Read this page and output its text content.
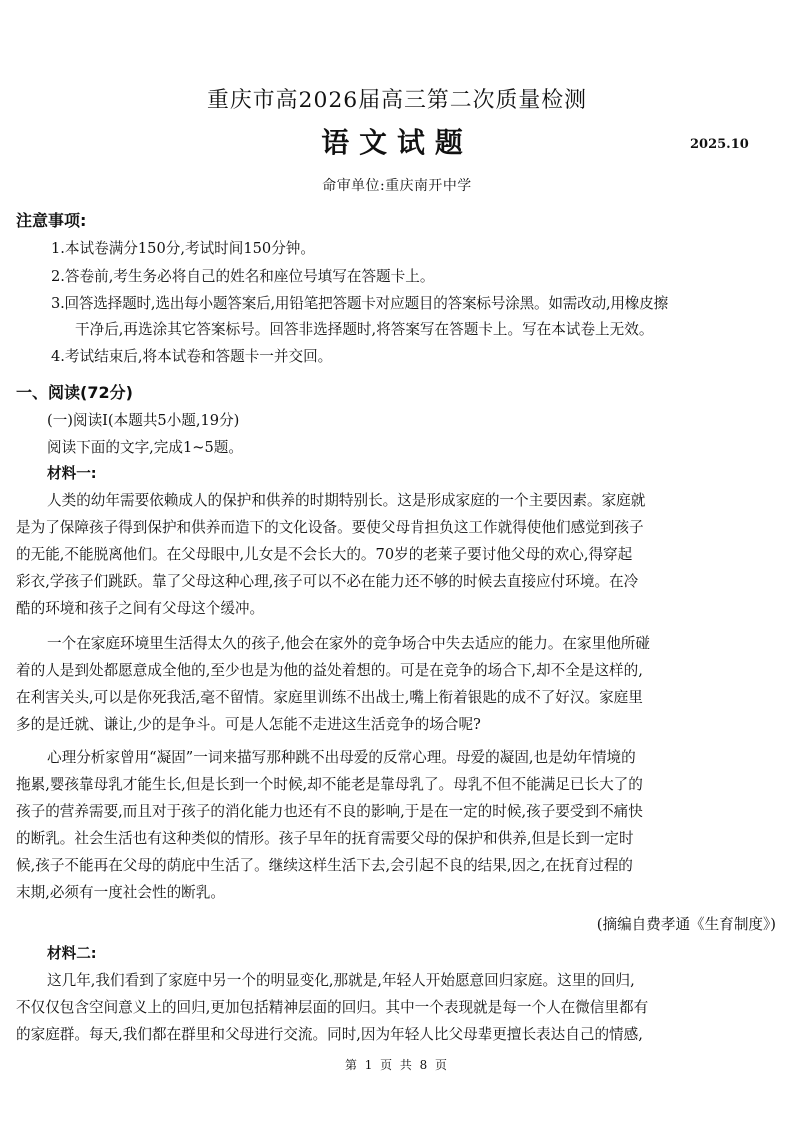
重庆市高2026届高三第二次质量检测
语文试题	2025.10
命审单位:重庆南开中学
注意事项:
1.本试卷满分150分,考试时间150分钟。
2.答卷前,考生务必将自己的姓名和座位号填写在答题卡上。
3.回答选择题时,选出每小题答案后,用铅笔把答题卡对应题目的答案标号涂黑。如需改动,用橡皮擦
干净后,再选涂其它答案标号。回答非选择题时,将答案写在答题卡上。写在本试卷上无效。
4.考试结束后,将本试卷和答题卡一并交回。
一、阅读(72分)
(一)阅读Ⅰ(本题共5小题,19分)
阅读下面的文字,完成1~5题。
材料一:
人类的幼年需要依赖成人的保护和供养的时期特别长。这是形成家庭的一个主要因素。家庭就
是为了保障孩子得到保护和供养而造下的文化设备。要使父母肯担负这工作就得使他们感觉到孩子
的无能,不能脱离他们。在父母眼中,儿女是不会长大的。70岁的老莱子要讨他父母的欢心,得穿起
彩衣,学孩子们跳跃。靠了父母这种心理,孩子可以不必在能力还不够的时候去直接应付环境。在冷
酷的环境和孩子之间有父母这个缓冲。
一个在家庭环境里生活得太久的孩子,他会在家外的竞争场合中失去适应的能力。在家里他所碰
着的人是到处都愿意成全他的,至少也是为他的益处着想的。可是在竞争的场合下,却不全是这样的,
在利害关头,可以是你死我活,毫不留情。家庭里训练不出战士,嘴上衔着银匙的成不了好汉。家庭里
多的是迁就、谦让,少的是争斗。可是人怎能不走进这生活竞争的场合呢?
心理分析家曾用“凝固”一词来描写那种跳不出母爱的反常心理。母爱的凝固,也是幼年情境的
拖累,婴孩靠母乳才能生长,但是长到一个时候,却不能老是靠母乳了。母乳不但不能满足已长大了的
孩子的营养需要,而且对于孩子的消化能力也还有不良的影响,于是在一定的时候,孩子要受到不痛快
的断乳。社会生活也有这种类似的情形。孩子早年的抚育需要父母的保护和供养,但是长到一定时
候,孩子不能再在父母的荫庇中生活了。继续这样生活下去,会引起不良的结果,因之,在抚育过程的
末期,必须有一度社会性的断乳。
(摘编自费孝通《生育制度》)
材料二:
这几年,我们看到了家庭中另一个的明显变化,那就是,年轻人开始愿意回归家庭。这里的回归,
不仅仅包含空间意义上的回归,更加包括精神层面的回归。其中一个表现就是每一个人在微信里都有
的家庭群。每天,我们都在群里和父母进行交流。同时,因为年轻人比父母辈更擅长表达自己的情感,
第 1 页 共 8 页
